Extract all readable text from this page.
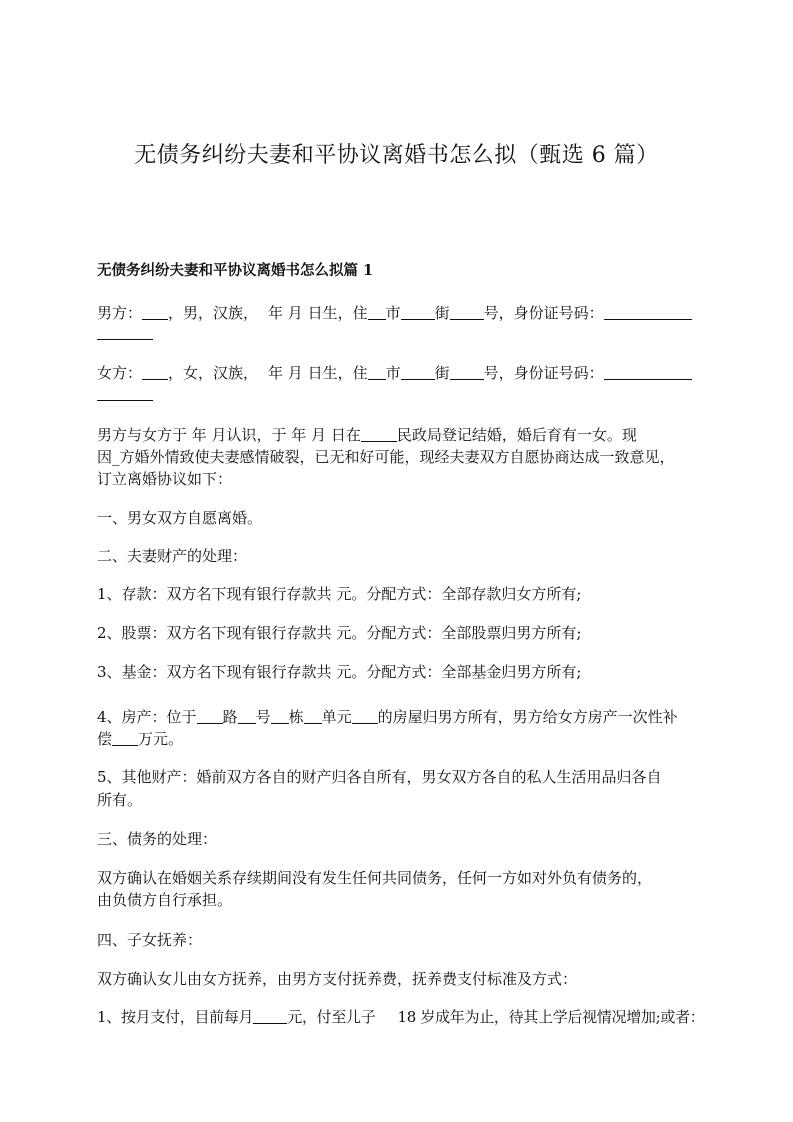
无债务纠纷夫妻和平协议离婚书怎么拟（甄选 6 篇）
无债务纠纷夫妻和平协议离婚书怎么拟篇 1
男方： ，男，汉族， 年 月 日生，住 市 街 号，身份证号码：
女方： ，女，汉族， 年 月 日生，住 市 街 号，身份证号码：
男方与女方于 年 月认识，于 年 月 日在 民政局登记结婚，婚后育有一女。现
因_方婚外情致使夫妻感情破裂，已无和好可能，现经夫妻双方自愿协商达成一致意见，
订立离婚协议如下：
一、男女双方自愿离婚。
二、夫妻财产的处理：
1、存款：双方名下现有银行存款共 元。分配方式：全部存款归女方所有;
2、股票：双方名下现有银行存款共 元。分配方式：全部股票归男方所有;
3、基金：双方名下现有银行存款共 元。分配方式：全部基金归男方所有;
4、房产：位于 路 号 栋 单元 的房屋归男方所有，男方给女方房产一次性补
偿 万元。
5、其他财产：婚前双方各自的财产归各自所有，男女双方各自的私人生活用品归各自
所有。
三、债务的处理：
双方确认在婚姻关系存续期间没有发生任何共同债务，任何一方如对外负有债务的，
由负债方自行承担。
四、子女抚养：
双方确认女儿由女方抚养，由男方支付抚养费，抚养费支付标准及方式：
1、按月支付，目前每月 元，付至儿子 18 岁成年为止，待其上学后视情况增加;或者：
